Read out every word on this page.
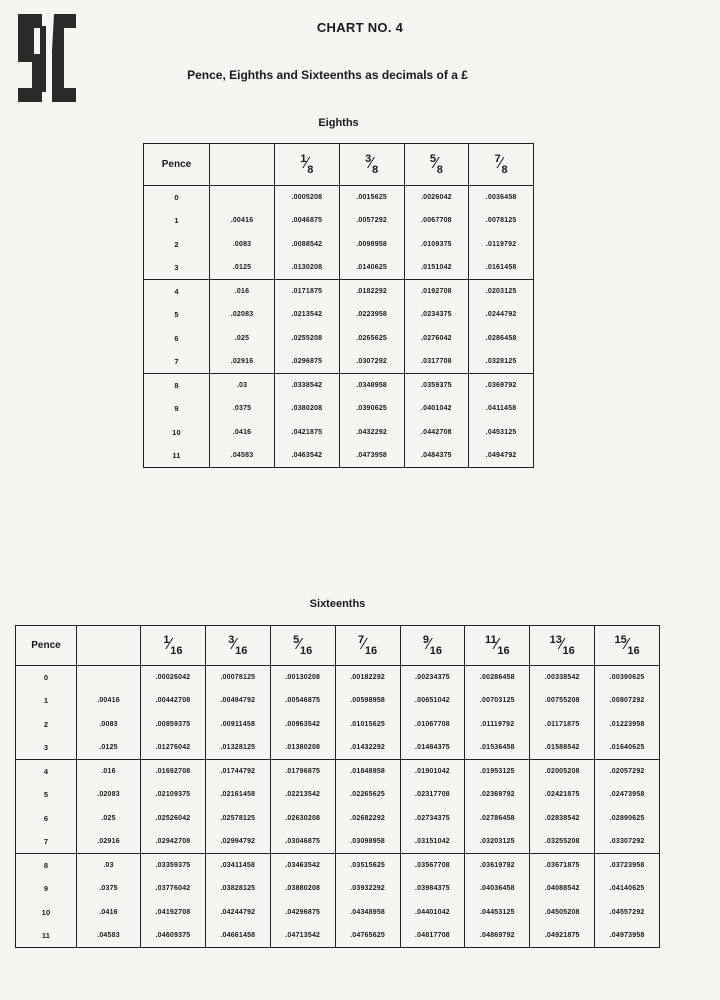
CHART NO. 4
Pence, Eighths and Sixteenths as decimals of a £
Eighths
Pence		$^1⁄_8$	$^3⁄_8$	$^5⁄_8$	$^7⁄_8$
0		.0005208	.0015625	.0026042	.0036458
1	.00416	.0046875	.0057292	.0067708	.0078125
2	.0083	.0088542	.0098958	.0109375	.0119792
3	.0125	.0130208	.0140625	.0151042	.0161458
4	.016	.0171875	.0182292	.0192708	.0203125
5	.02083	.0213542	.0223958	.0234375	.0244792
6	.025	.0255208	.0265625	.0276042	.0286458
7	.02916	.0296875	.0307292	.0317708	.0328125
8	.03	.0338542	.0348958	.0359375	.0369792
9	.0375	.0380208	.0390625	.0401042	.0411458
10	.0416	.0421875	.0432292	.0442708	.0453125
11	.04583	.0463542	.0473958	.0484375	.0494792
Sixteenths
Pence		$^1⁄_{16}$	$^3⁄_{16}$	$^5⁄_{16}$	$^7⁄_{16}$	$^9⁄_{16}$	$^{11}⁄_{16}$	$^{13}⁄_{16}$	$^{15}⁄_{16}$
0		.00026042	.00078125	.00130208	.00182292	.00234375	.00286458	.00338542	.00390625
1	.00416	.00442708	.00494792	.00546875	.00598958	.00651042	.00703125	.00755208	.00807292
2	.0083	.00859375	.00911458	.00963542	.01015625	.01067708	.01119792	.01171875	.01223958
3	.0125	.01276042	.01328125	.01380208	.01432292	.01484375	.01536458	.01588542	.01640625
4	.016	.01692708	.01744792	.01796875	.01848958	.01901042	.01953125	.02005208	.02057292
5	.02083	.02109375	.02161458	.02213542	.02265625	.02317708	.02369792	.02421875	.02473958
6	.025	.02526042	.02578125	.02630208	.02682292	.02734375	.02786458	.02838542	.02890625
7	.02916	.02942708	.02994792	.03046875	.03098958	.03151042	.03203125	.03255208	.03307292
8	.03	.03359375	.03411458	.03463542	.03515625	.03567708	.03619792	.03671875	.03723958
9	.0375	.03776042	.03828125	.03880208	.03932292	.03984375	.04036458	.04088542	.04140625
10	.0416	.04192708	.04244792	.04296875	.04348958	.04401042	.04453125	.04505208	.04557292
11	.04583	.04609375	.04661458	.04713542	.04765625	.04817708	.04869792	.04921875	.04973958
